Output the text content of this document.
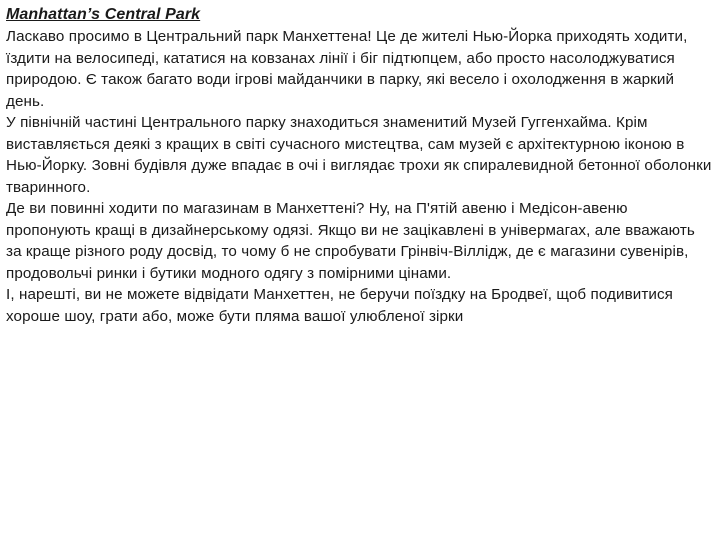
Manhattan’s Central Park

Ласкаво просимо в Центральний парк Манхеттена! Це де жителі Нью-Йорка приходять ходити, їздити на велосипеді, кататися на ковзанах лінії і біг підтюпцем, або просто насолоджуватися природою. Є також багато води ігрові майданчики в парку, які весело і охолодження в жаркий день.

У північній частині Центрального парку знаходиться знаменитий Музей Гуггенхайма. Крім виставляється деякі з кращих в світі сучасного мистецтва, сам музей є архітектурною іконою в Нью-Йорку. Зовні будівля дуже впадає в очі і виглядає трохи як спиралевидной бетонної оболонки тваринного.

Де ви повинні ходити по магазинам в Манхеттені? Ну, на П'ятій авеню і Медісон-авеню пропонують кращі в дизайнерському одязі. Якщо ви не зацікавлені в універмагах, але вважають за краще різного роду досвід, то чому б не спробувати Грінвіч-Віллідж, де є магазини сувенірів, продовольчі ринки і бутики модного одягу з помірними цінами.

І, нарешті, ви не можете відвідати Манхеттен, не беручи поїздку на Бродвеї, щоб подивитися хороше шоу, грати або, може бути пляма вашої улюбленої зірки
